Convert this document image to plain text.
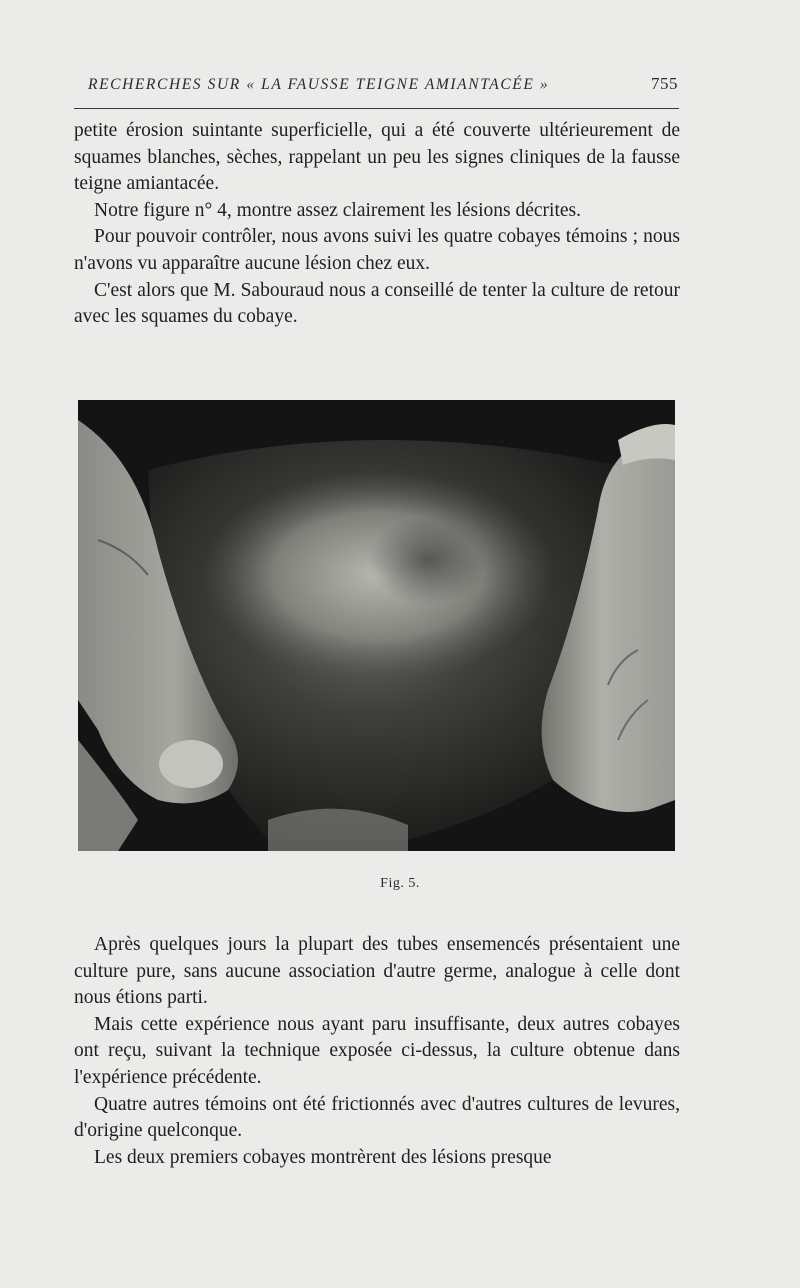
RECHERCHES SUR « LA FAUSSE TEIGNE AMIANTACÉE »	755

petite érosion suintante superficielle, qui a été couverte ultérieurement de squames blanches, sèches, rappelant un peu les signes cliniques de la fausse teigne amiantacée.

Notre figure n° 4, montre assez clairement les lésions décrites.

Pour pouvoir contrôler, nous avons suivi les quatre cobayes témoins ; nous n'avons vu apparaître aucune lésion chez eux.

C'est alors que M. Sabouraud nous a conseillé de tenter la culture de retour avec les squames du cobaye.

Fig. 5.

Après quelques jours la plupart des tubes ensemencés présentaient une culture pure, sans aucune association d'autre germe, analogue à celle dont nous étions parti.

Mais cette expérience nous ayant paru insuffisante, deux autres cobayes ont reçu, suivant la technique exposée ci-dessus, la culture obtenue dans l'expérience précédente.

Quatre autres témoins ont été frictionnés avec d'autres cultures de levures, d'origine quelconque.

Les deux premiers cobayes montrèrent des lésions presque
